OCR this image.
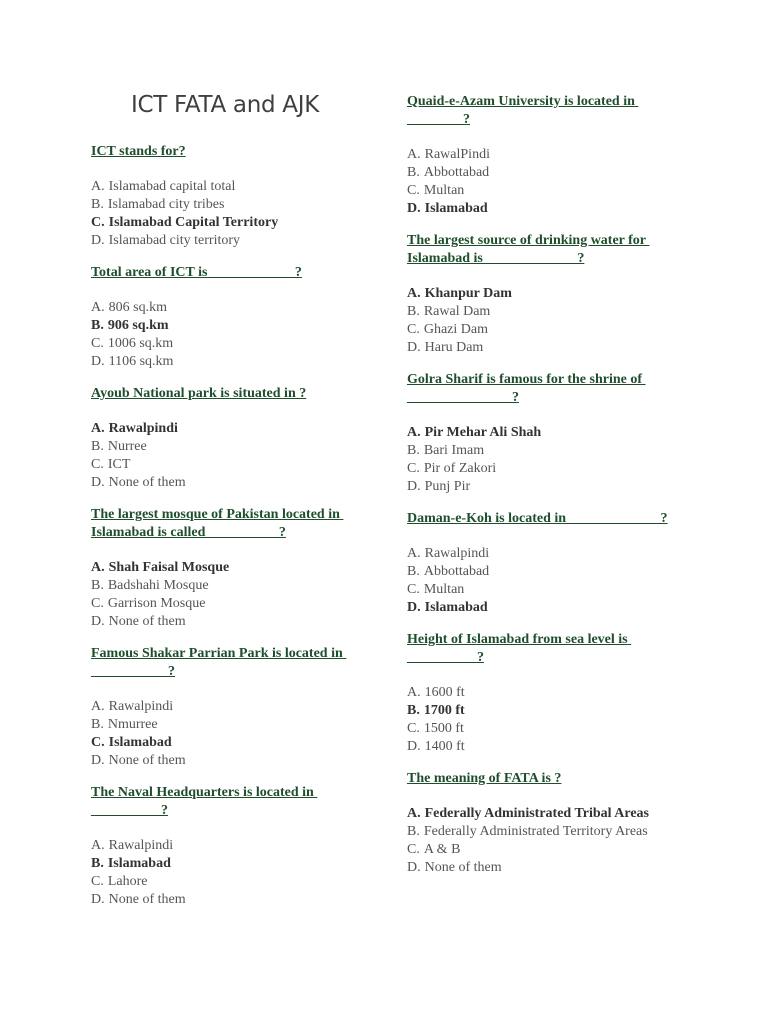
ICT FATA and AJK
ICT stands for?
A. Islamabad capital total
B. Islamabad city tribes
C. Islamabad Capital Territory
D. Islamabad city territory
Total area of ICT is ____________?
A. 806 sq.km
B. 906 sq.km
C. 1006 sq.km
D. 1106 sq.km
Ayoub National park is situated in ?
A. Rawalpindi
B. Nurree
C. ICT
D. None of them
The largest mosque of Pakistan located in Islamabad is called __________?
A. Shah Faisal Mosque
B. Badshahi Mosque
C. Garrison Mosque
D. None of them
Famous Shakar Parrian Park is located in ___________?
A. Rawalpindi
B. Nmurree
C. Islamabad
D. None of them
The Naval Headquarters is located in __________?
A. Rawalpindi
B. Islamabad
C. Lahore
D. None of them
Quaid-e-Azam University is located in ________?
A. RawalPindi
B. Abbottabad
C. Multan
D. Islamabad
The largest source of drinking water for Islamabad is _____________?
A. Khanpur Dam
B. Rawal Dam
C. Ghazi Dam
D. Haru Dam
Golra Sharif is famous for the shrine of _______________?
A. Pir Mehar Ali Shah
B. Bari Imam
C. Pir of Zakori
D. Punj Pir
Daman-e-Koh is located in _____________?
A. Rawalpindi
B. Abbottabad
C. Multan
D. Islamabad
Height of Islamabad from sea level is __________?
A. 1600 ft
B. 1700 ft
C. 1500 ft
D. 1400 ft
The meaning of FATA is ?
A. Federally Administrated Tribal Areas
B. Federally Administrated Territory Areas
C. A & B
D. None of them
